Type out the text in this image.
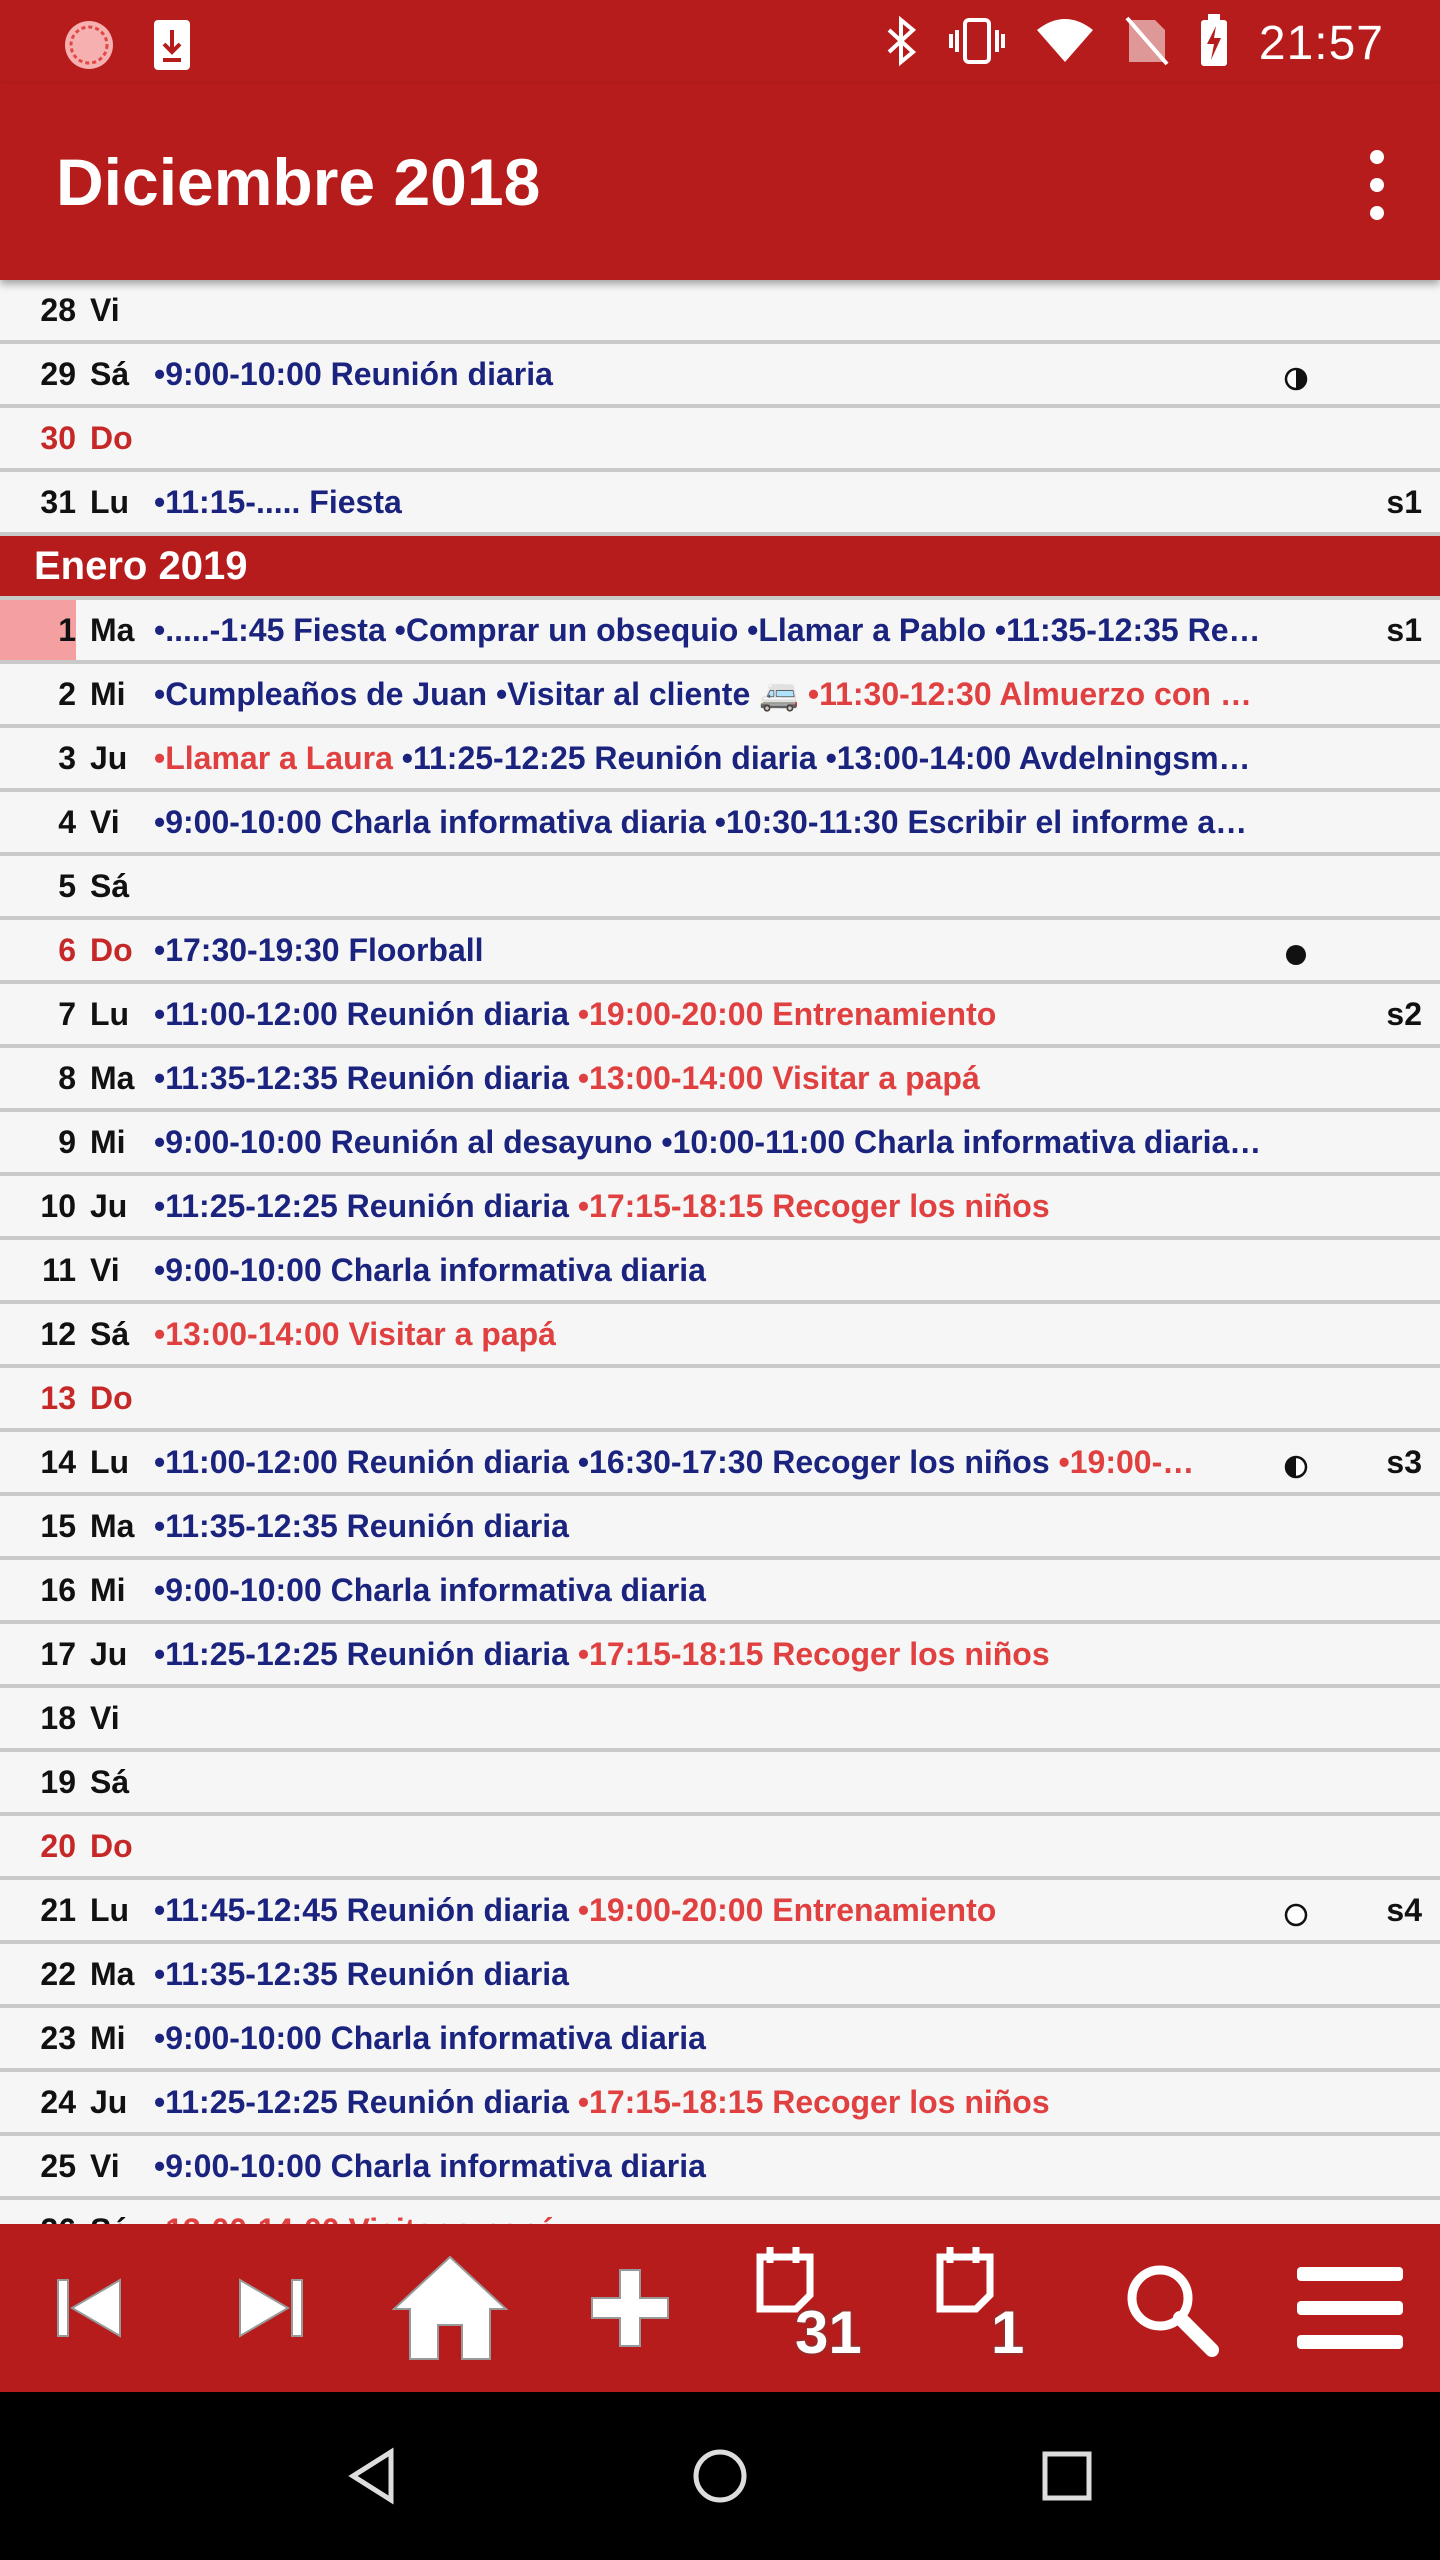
21:57
Diciembre 2018
28 Vi
29 Sá •9:00-10:00 Reunión diaria
30 Do
31 Lu •11:15-..... Fiesta	s1
Enero 2019
1 Ma •.....-1:45 Fiesta •Comprar un obsequio •Llamar a Pablo •11:35-12:35 Re…	s1
2 Mi •Cumpleaños de Juan •Visitar al cliente 🚐 •11:30-12:30 Almuerzo con …
3 Ju •Llamar a Laura •11:25-12:25 Reunión diaria •13:00-14:00 Avdelningsm…
4 Vi	•9:00-10:00 Charla informativa diaria •10:30-11:30 Escribir el informe a…
5 Sá
6 Do •17:30-19:30 Floorball
7 Lu •11:00-12:00 Reunión diaria •19:00-20:00 Entrenamiento	s2
8 Ma •11:35-12:35 Reunión diaria •13:00-14:00 Visitar a papá
9 Mi •9:00-10:00 Reunión al desayuno •10:00-11:00 Charla informativa diaria…
10 Ju •11:25-12:25 Reunión diaria •17:15-18:15 Recoger los niños
11 Vi	•9:00-10:00 Charla informativa diaria
12 Sá •13:00-14:00 Visitar a papá
13 Do
14 Lu •11:00-12:00 Reunión diaria •16:30-17:30 Recoger los niños •19:00-…	s3
15 Ma •11:35-12:35 Reunión diaria
16 Mi •9:00-10:00 Charla informativa diaria
17 Ju •11:25-12:25 Reunión diaria •17:15-18:15 Recoger los niños
18 Vi
19 Sá
20 Do
21 Lu •11:45-12:45 Reunión diaria •19:00-20:00 Entrenamiento	s4
22 Ma •11:35-12:35 Reunión diaria
23 Mi •9:00-10:00 Charla informativa diaria
24 Ju •11:25-12:25 Reunión diaria •17:15-18:15 Recoger los niños
25 Vi	•9:00-10:00 Charla informativa diaria
31 1
